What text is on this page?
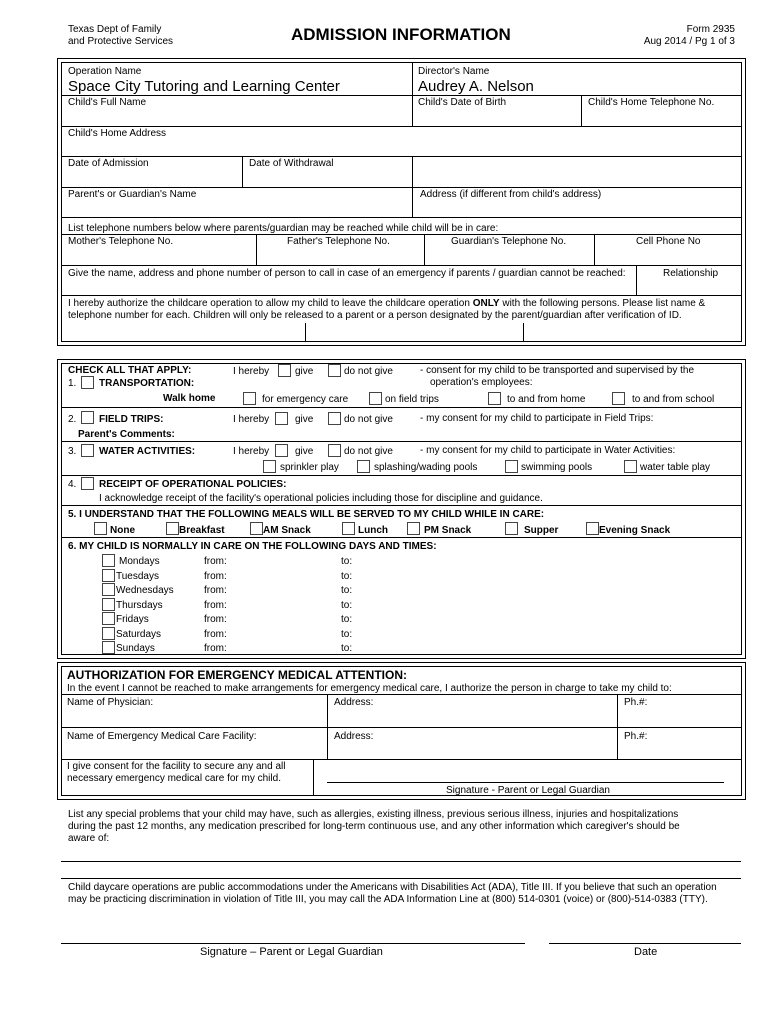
Texas Dept of Family
and Protective Services	ADMISSION INFORMATION	Form 2935
Aug 2014 / Pg 1 of 3
Operation Name
Space City Tutoring and Learning Center
Director's Name
Audrey A. Nelson
Child's Full Name	Child's Date of Birth	Child's Home Telephone No.
Child's Home Address
Date of Admission	Date of Withdrawal
Parent's or Guardian's Name	Address (if different from child's address)
List telephone numbers below where parents/guardian may be reached while child will be in care:
Mother's Telephone No.	Father's Telephone No.	Guardian's Telephone No.	Cell Phone No
Give the name, address and phone number of person to call in case of an emergency if parents / guardian cannot be reached:	Relationship
I hereby authorize the childcare operation to allow my child to leave the childcare operation ONLY with the following persons. Please list name &
telephone number for each. Children will only be released to a parent or a person designated by the parent/guardian after verification of ID.
CHECK ALL THAT APPLY:
1. TRANSPORTATION:
I hereby	give	do not give	- consent for my child to be transported and supervised by the
operation's employees:
Walk home	for emergency care	on field trips	to and from home	to and from school
2. FIELD TRIPS:	I hereby	give	do not give	- my consent for my child to participate in Field Trips:
Parent's Comments:
3. WATER ACTIVITIES:	I hereby	give	do not give	- my consent for my child to participate in Water Activities:
sprinkler play	splashing/wading pools	swimming pools	water table play
4. RECEIPT OF OPERATIONAL POLICIES:
I acknowledge receipt of the facility's operational policies including those for discipline and guidance.
5. I UNDERSTAND THAT THE FOLLOWING MEALS WILL BE SERVED TO MY CHILD WHILE IN CARE:
None	Breakfast	AM Snack	Lunch	PM Snack	Supper	Evening Snack
6. MY CHILD IS NORMALLY IN CARE ON THE FOLLOWING DAYS AND TIMES:
Mondays	from:	to:
Tuesdays	from:	to:
Wednesdays	from:	to:
Thursdays	from:	to:
Fridays	from:	to:
Saturdays	from:	to:
Sundays	from:	to:
AUTHORIZATION FOR EMERGENCY MEDICAL ATTENTION:
In the event I cannot be reached to make arrangements for emergency medical care, I authorize the person in charge to take my child to:
Name of Physician:	Address:	Ph.#:
Name of Emergency Medical Care Facility:	Address:	Ph.#:
I give consent for the facility to secure any and all
necessary emergency medical care for my child.
Signature - Parent or Legal Guardian
List any special problems that your child may have, such as allergies, existing illness, previous serious illness, injuries and hospitalizations
during the past 12 months, any medication prescribed for long-term continuous use, and any other information which caregiver's should be
aware of:
Child daycare operations are public accommodations under the Americans with Disabilities Act (ADA), Title III. If you believe that such an operation
may be practicing discrimination in violation of Title III, you may call the ADA Information Line at (800) 514-0301 (voice) or (800)-514-0383 (TTY).
Signature – Parent or Legal Guardian	Date
